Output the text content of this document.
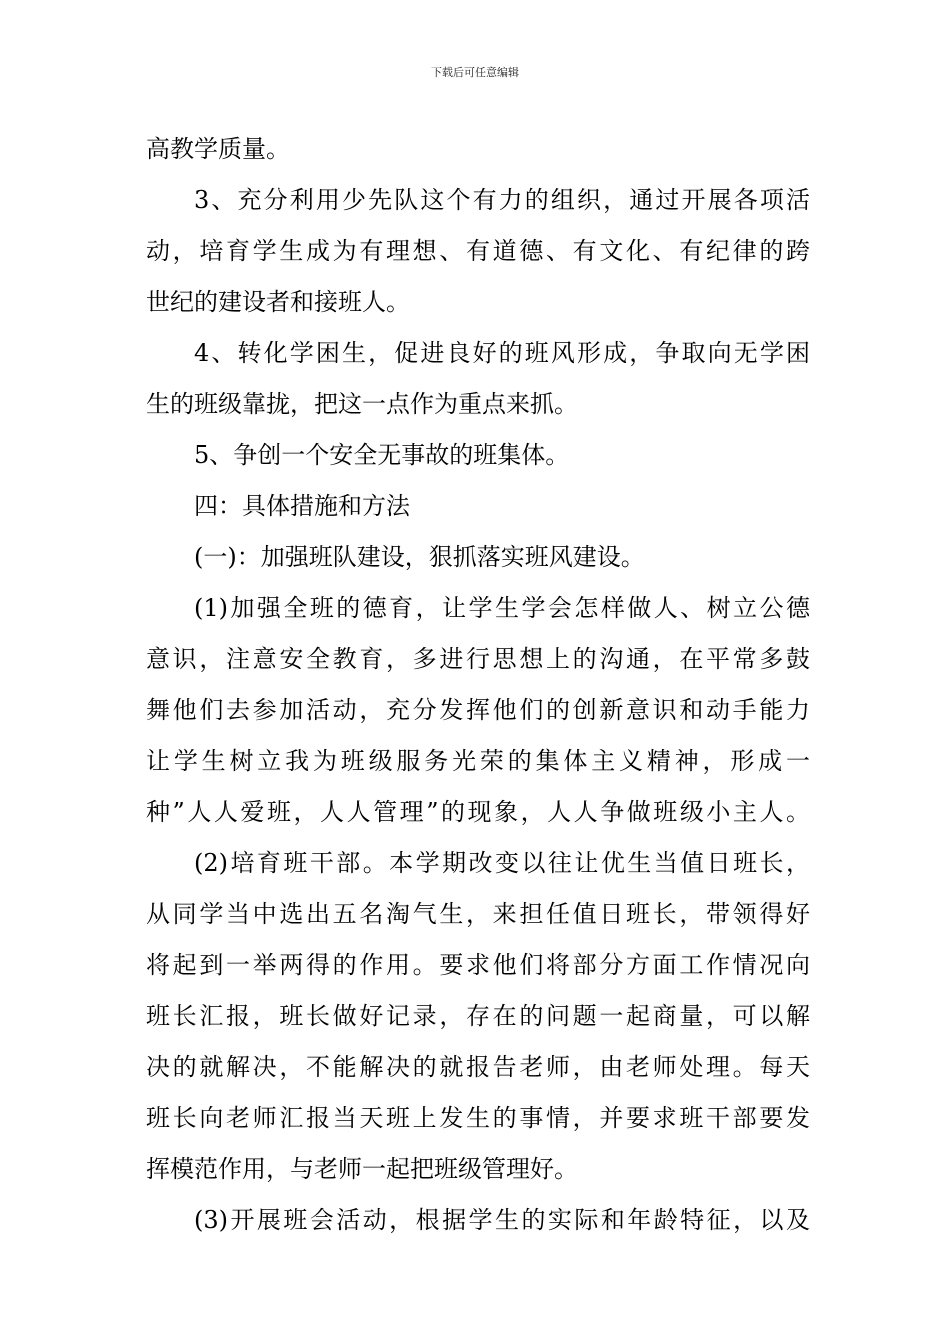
下载后可任意编辑
高教学质量。
3、充分利用少先队这个有力的组织，通过开展各项活
动，培育学生成为有理想、有道德、有文化、有纪律的跨
世纪的建设者和接班人。
4、转化学困生，促进良好的班风形成，争取向无学困
生的班级靠拢，把这一点作为重点来抓。
5、争创一个安全无事故的班集体。
四：具体措施和方法
(一)：加强班队建设，狠抓落实班风建设。
(1)加强全班的德育，让学生学会怎样做人、树立公德
意识，注意安全教育，多进行思想上的沟通，在平常多鼓
舞他们去参加活动，充分发挥他们的创新意识和动手能力
让学生树立我为班级服务光荣的集体主义精神，形成一
种”人人爱班，人人管理”的现象，人人争做班级小主人。
(2)培育班干部。本学期改变以往让优生当值日班长，
从同学当中选出五名淘气生，来担任值日班长，带领得好
将起到一举两得的作用。要求他们将部分方面工作情况向
班长汇报，班长做好记录，存在的问题一起商量，可以解
决的就解决，不能解决的就报告老师，由老师处理。每天
班长向老师汇报当天班上发生的事情，并要求班干部要发
挥模范作用，与老师一起把班级管理好。
(3)开展班会活动，根据学生的实际和年龄特征，以及
